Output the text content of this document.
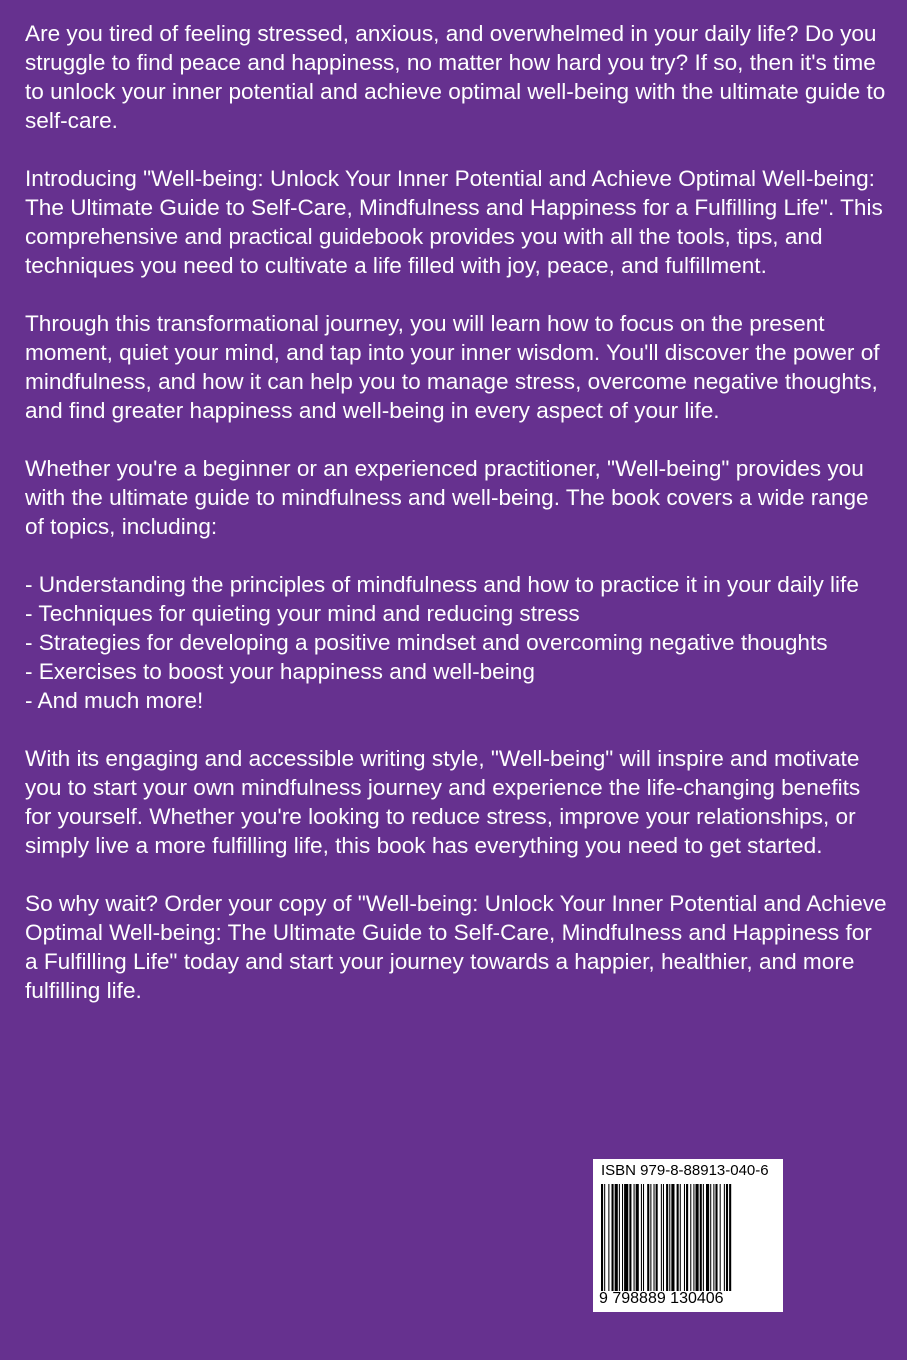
Are you tired of feeling stressed, anxious, and overwhelmed in your daily life? Do you struggle to find peace and happiness, no matter how hard you try? If so, then it's time to unlock your inner potential and achieve optimal well-being with the ultimate guide to self-care.

Introducing "Well-being: Unlock Your Inner Potential and Achieve Optimal Well-being: The Ultimate Guide to Self-Care, Mindfulness and Happiness for a Fulfilling Life". This comprehensive and practical guidebook provides you with all the tools, tips, and techniques you need to cultivate a life filled with joy, peace, and fulfillment.

Through this transformational journey, you will learn how to focus on the present moment, quiet your mind, and tap into your inner wisdom. You'll discover the power of mindfulness, and how it can help you to manage stress, overcome negative thoughts, and find greater happiness and well-being in every aspect of your life.

Whether you're a beginner or an experienced practitioner, "Well-being" provides you with the ultimate guide to mindfulness and well-being. The book covers a wide range of topics, including:

- Understanding the principles of mindfulness and how to practice it in your daily life
- Techniques for quieting your mind and reducing stress
- Strategies for developing a positive mindset and overcoming negative thoughts
- Exercises to boost your happiness and well-being
- And much more!

With its engaging and accessible writing style, "Well-being" will inspire and motivate you to start your own mindfulness journey and experience the life-changing benefits for yourself. Whether you're looking to reduce stress, improve your relationships, or simply live a more fulfilling life, this book has everything you need to get started.

So why wait? Order your copy of "Well-being: Unlock Your Inner Potential and Achieve Optimal Well-being: The Ultimate Guide to Self-Care, Mindfulness and Happiness for a Fulfilling Life" today and start your journey towards a happier, healthier, and more fulfilling life.

ISBN 979-8-88913-040-6
9 798889 130406
